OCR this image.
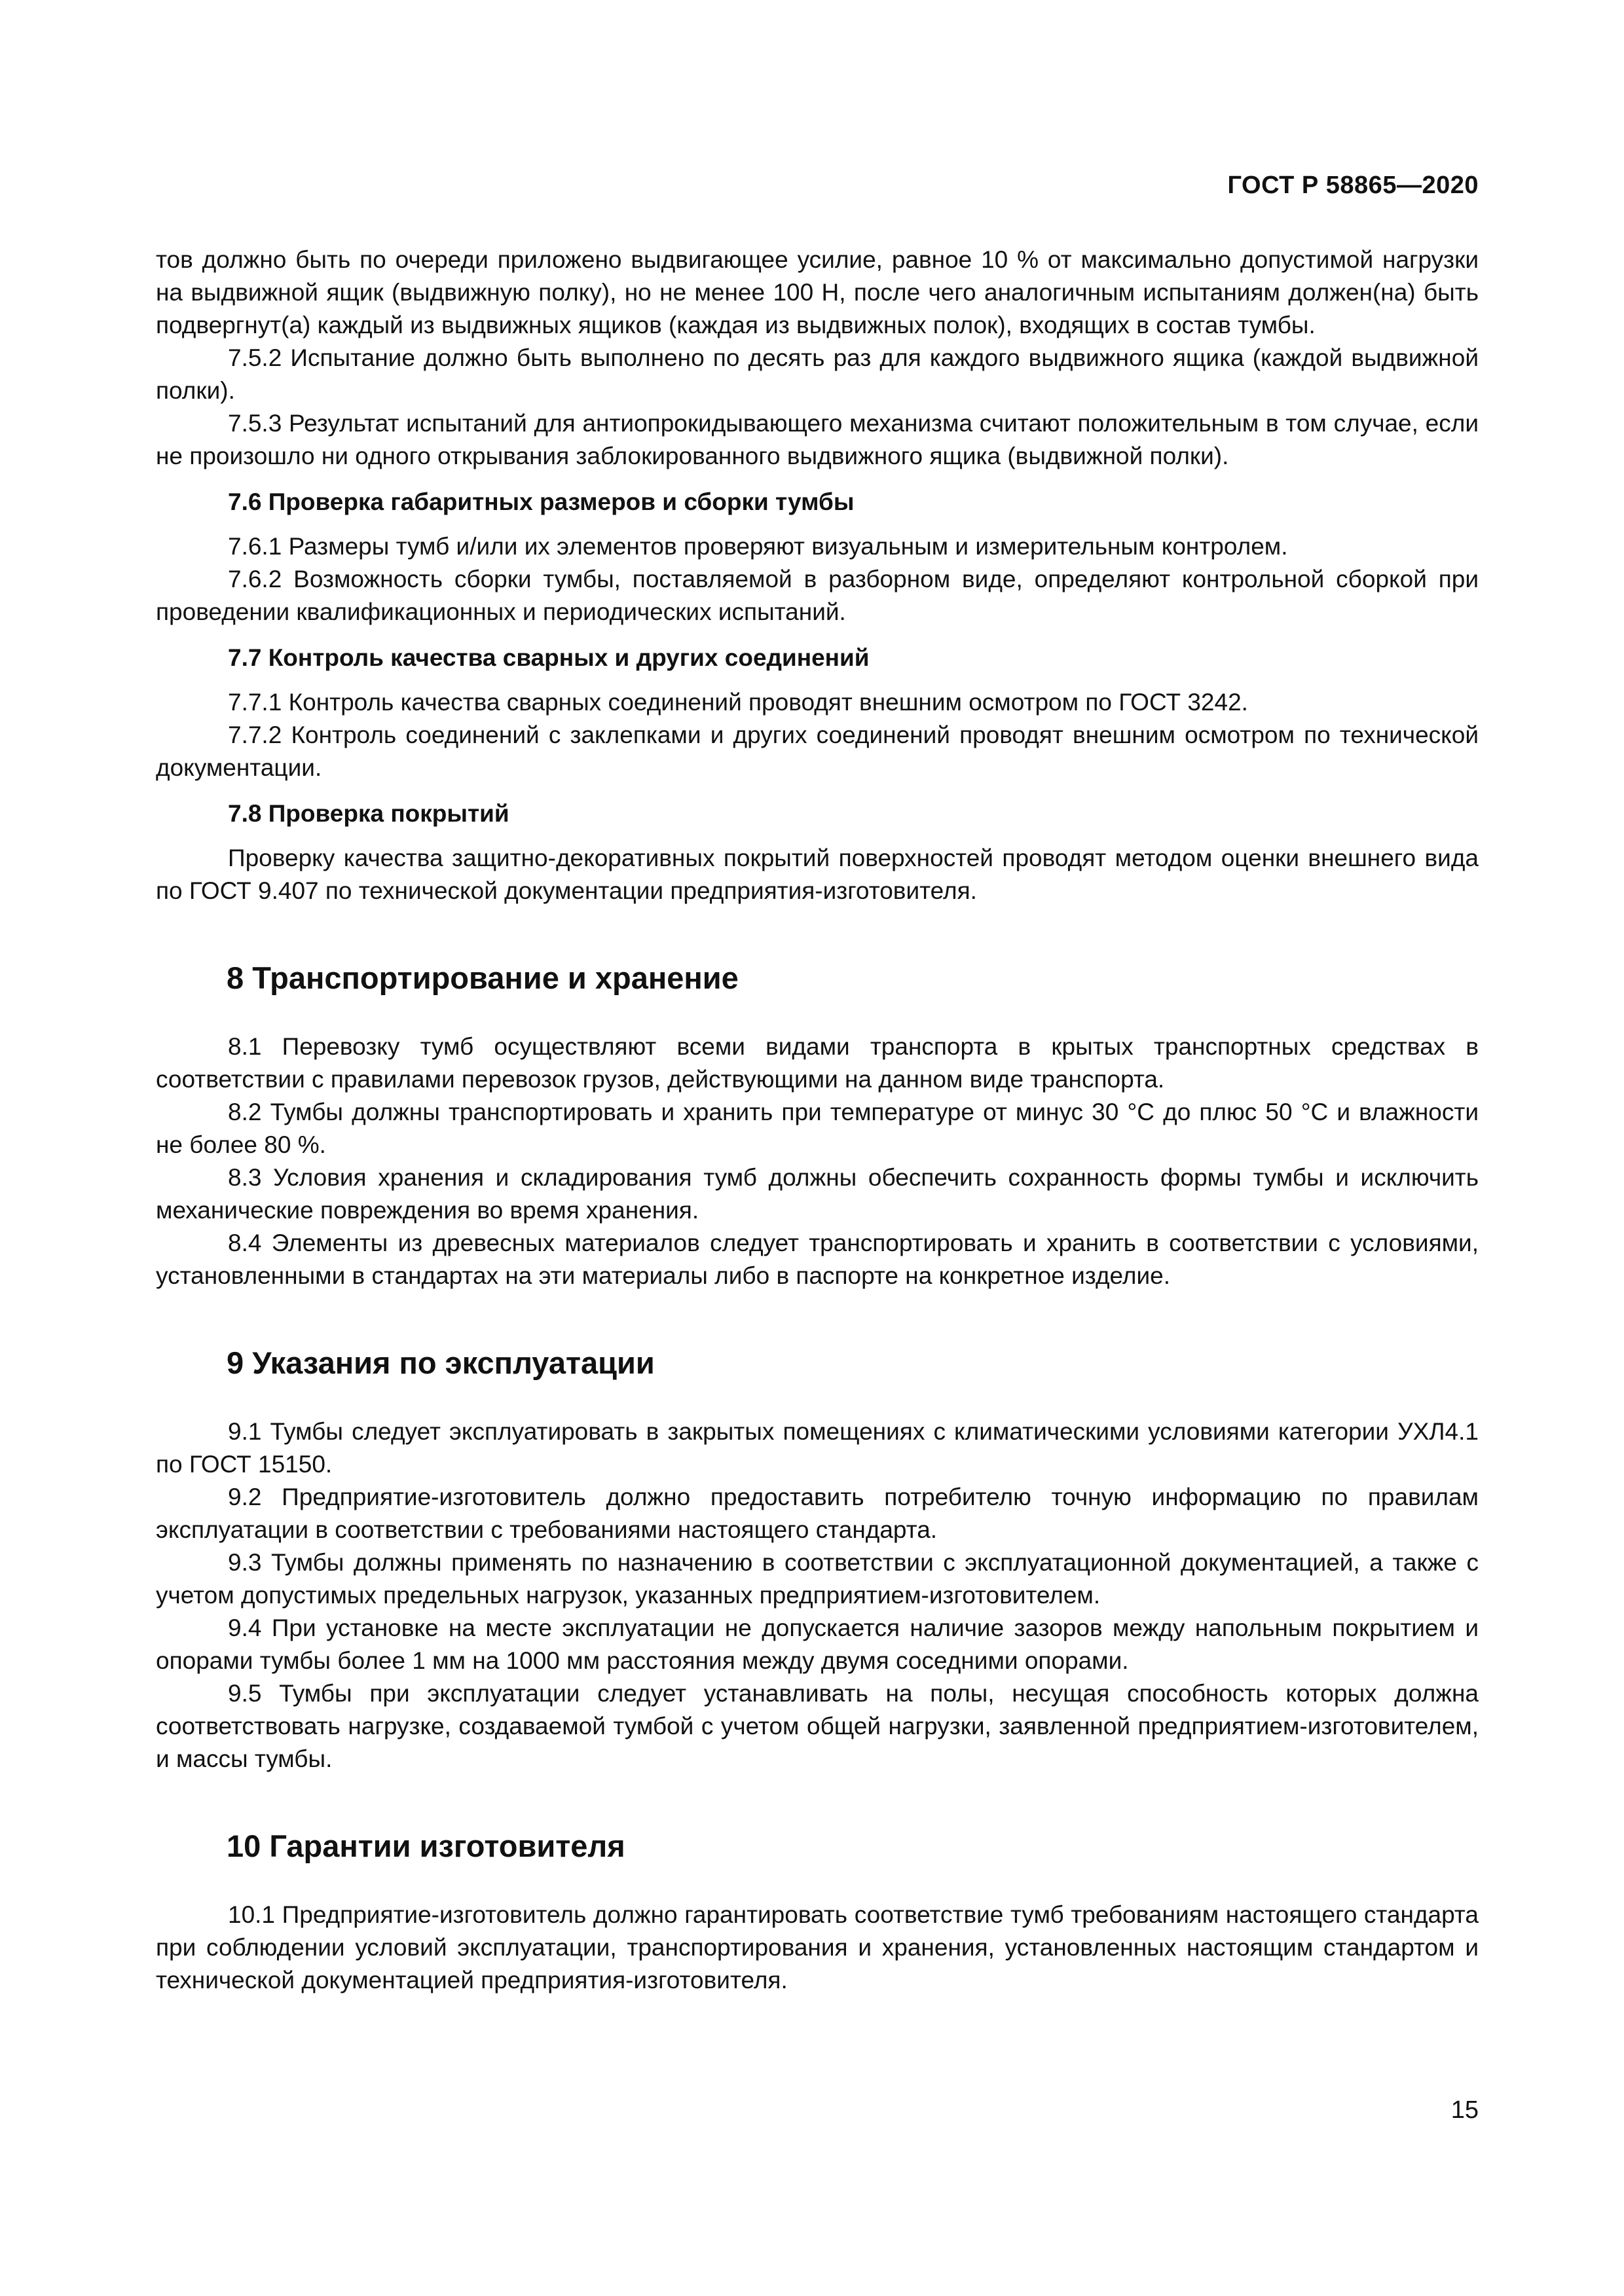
ГОСТ Р 58865—2020

тов должно быть по очереди приложено выдвигающее усилие, равное 10 % от максимально допустимой нагрузки на выдвижной ящик (выдвижную полку), но не менее 100 Н, после чего аналогичным испытаниям должен(на) быть подвергнут(а) каждый из выдвижных ящиков (каждая из выдвижных полок), входящих в состав тумбы.

7.5.2 Испытание должно быть выполнено по десять раз для каждого выдвижного ящика (каждой выдвижной полки).

7.5.3 Результат испытаний для антиопрокидывающего механизма считают положительным в том случае, если не произошло ни одного открывания заблокированного выдвижного ящика (выдвижной полки).

7.6 Проверка габаритных размеров и сборки тумбы

7.6.1 Размеры тумб и/или их элементов проверяют визуальным и измерительным контролем.

7.6.2 Возможность сборки тумбы, поставляемой в разборном виде, определяют контрольной сборкой при проведении квалификационных и периодических испытаний.

7.7 Контроль качества сварных и других соединений

7.7.1 Контроль качества сварных соединений проводят внешним осмотром по ГОСТ 3242.

7.7.2 Контроль соединений с заклепками и других соединений проводят внешним осмотром по технической документации.

7.8 Проверка покрытий

Проверку качества защитно-декоративных покрытий поверхностей проводят методом оценки внешнего вида по ГОСТ 9.407 по технической документации предприятия-изготовителя.

8 Транспортирование и хранение

8.1 Перевозку тумб осуществляют всеми видами транспорта в крытых транспортных средствах в соответствии с правилами перевозок грузов, действующими на данном виде транспорта.

8.2 Тумбы должны транспортировать и хранить при температуре от минус 30 °С до плюс 50 °С и влажности не более 80 %.

8.3 Условия хранения и складирования тумб должны обеспечить сохранность формы тумбы и исключить механические повреждения во время хранения.

8.4 Элементы из древесных материалов следует транспортировать и хранить в соответствии с условиями, установленными в стандартах на эти материалы либо в паспорте на конкретное изделие.

9 Указания по эксплуатации

9.1 Тумбы следует эксплуатировать в закрытых помещениях с климатическими условиями категории УХЛ4.1 по ГОСТ 15150.

9.2 Предприятие-изготовитель должно предоставить потребителю точную информацию по правилам эксплуатации в соответствии с требованиями настоящего стандарта.

9.3 Тумбы должны применять по назначению в соответствии с эксплуатационной документацией, а также с учетом допустимых предельных нагрузок, указанных предприятием-изготовителем.

9.4 При установке на месте эксплуатации не допускается наличие зазоров между напольным покрытием и опорами тумбы более 1 мм на 1000 мм расстояния между двумя соседними опорами.

9.5 Тумбы при эксплуатации следует устанавливать на полы, несущая способность которых должна соответствовать нагрузке, создаваемой тумбой с учетом общей нагрузки, заявленной предприятием-изготовителем, и массы тумбы.

10 Гарантии изготовителя

10.1 Предприятие-изготовитель должно гарантировать соответствие тумб требованиям настоящего стандарта при соблюдении условий эксплуатации, транспортирования и хранения, установленных настоящим стандартом и технической документацией предприятия-изготовителя.

15
